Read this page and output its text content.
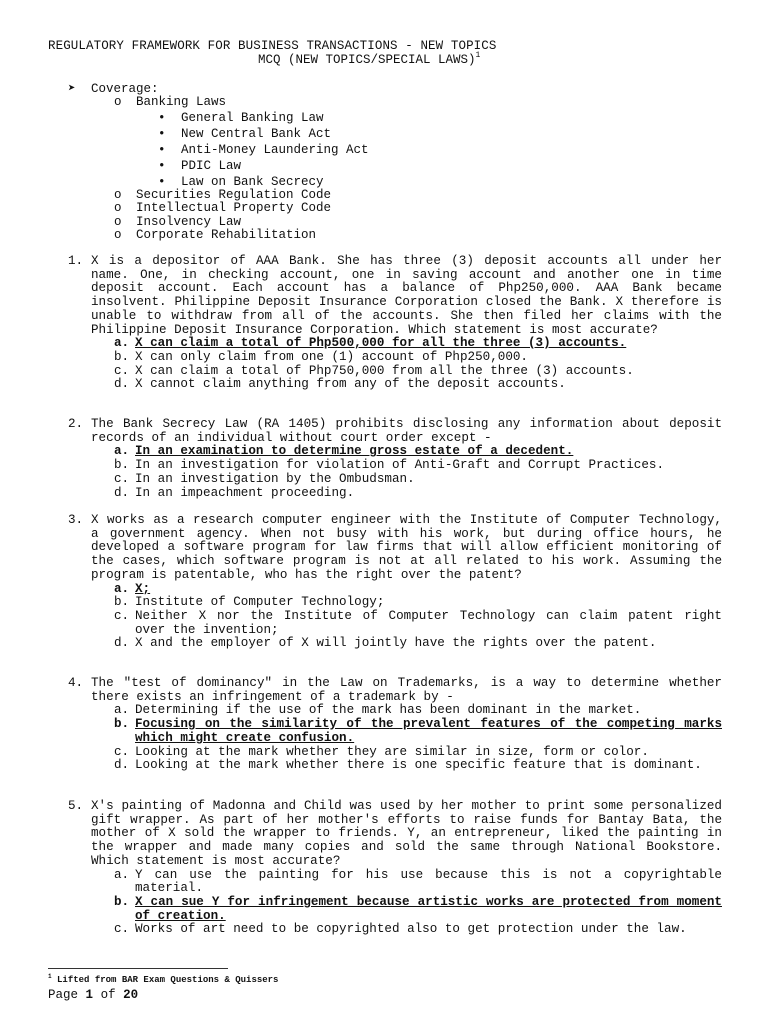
REGULATORY FRAMEWORK FOR BUSINESS TRANSACTIONS - NEW TOPICS
MCQ (NEW TOPICS/SPECIAL LAWS)$^1$
➤ Coverage:
o Banking Laws
• General Banking Law
• New Central Bank Act
• Anti-Money Laundering Act
• PDIC Law
• Law on Bank Secrecy
o Securities Regulation Code
o Intellectual Property Code
o Insolvency Law
o Corporate Rehabilitation
1. X is a depositor of AAA Bank. She has three (3) deposit accounts all under her name. One, in checking account, one in saving account and another one in time deposit account. Each account has a balance of Php250,000. AAA Bank became insolvent. Philippine Deposit Insurance Corporation closed the Bank. X therefore is unable to withdraw from all of the accounts. She then filed her claims with the Philippine Deposit Insurance Corporation. Which statement is most accurate?
a. X can claim a total of Php500,000 for all the three (3) accounts.
b. X can only claim from one (1) account of Php250,000.
c. X can claim a total of Php750,000 from all the three (3) accounts.
d. X cannot claim anything from any of the deposit accounts.
2. The Bank Secrecy Law (RA 1405) prohibits disclosing any information about deposit records of an individual without court order except -
a. In an examination to determine gross estate of a decedent.
b. In an investigation for violation of Anti-Graft and Corrupt Practices.
c. In an investigation by the Ombudsman.
d. In an impeachment proceeding.
3. X works as a research computer engineer with the Institute of Computer Technology, a government agency. When not busy with his work, but during office hours, he developed a software program for law firms that will allow efficient monitoring of the cases, which software program is not at all related to his work. Assuming the program is patentable, who has the right over the patent?
a. X;
b. Institute of Computer Technology;
c. Neither X nor the Institute of Computer Technology can claim patent right over the invention;
d. X and the employer of X will jointly have the rights over the patent.
4. The "test of dominancy" in the Law on Trademarks, is a way to determine whether there exists an infringement of a trademark by -
a. Determining if the use of the mark has been dominant in the market.
b. Focusing on the similarity of the prevalent features of the competing marks which might create confusion.
c. Looking at the mark whether they are similar in size, form or color.
d. Looking at the mark whether there is one specific feature that is dominant.
5. X's painting of Madonna and Child was used by her mother to print some personalized gift wrapper. As part of her mother's efforts to raise funds for Bantay Bata, the mother of X sold the wrapper to friends. Y, an entrepreneur, liked the painting in the wrapper and made many copies and sold the same through National Bookstore. Which statement is most accurate?
a. Y can use the painting for his use because this is not a copyrightable material.
b. X can sue Y for infringement because artistic works are protected from moment of creation.
c. Works of art need to be copyrighted also to get protection under the law.
$^1$ Lifted from BAR Exam Questions & Quissers
Page 1 of 20
